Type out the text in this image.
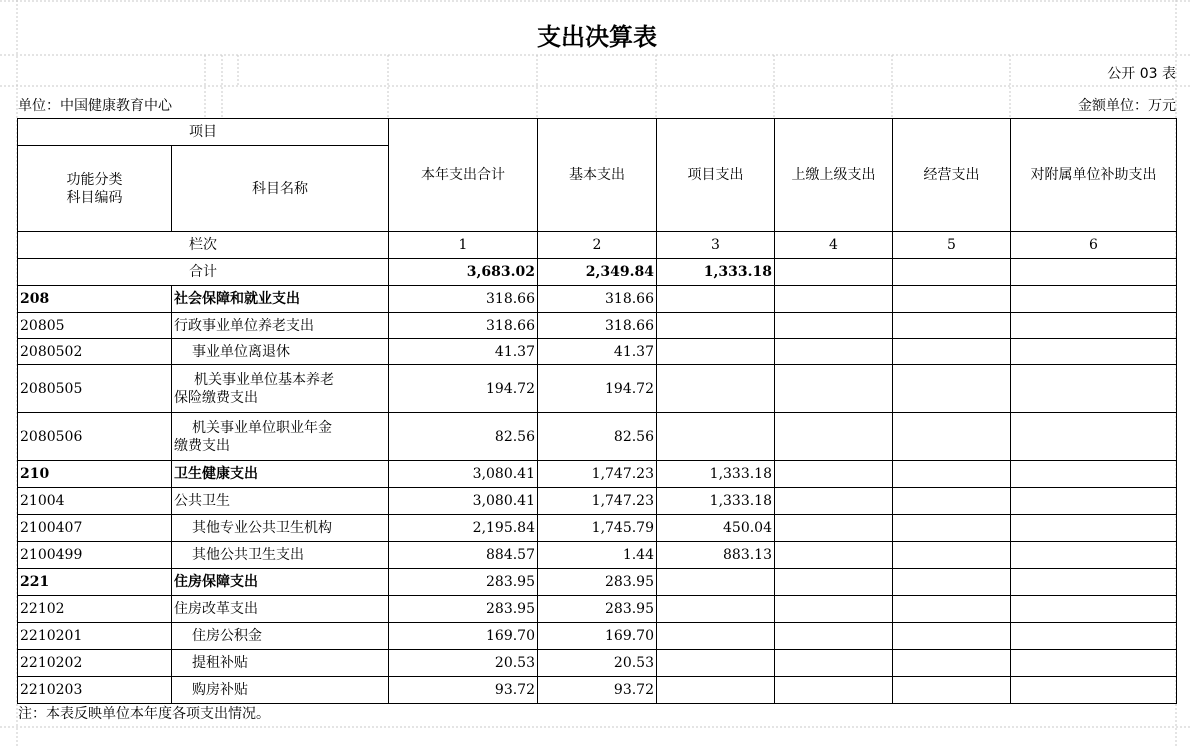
支出决算表
公开 03 表
单位：中国健康教育中心	金额单位：万元
项目		本年支出合计	基本支出	项目支出	上缴上级支出	经营支出	对附属单位补助支出
功能分类
科目编码	科目名称						
栏次		1	2	3	4	5	6
合计		3,683.02	2,349.84	1,333.18			
208	社会保障和就业支出	318.66	318.66				
20805	行政事业单位养老支出	318.66	318.66				
2080502	事业单位离退休	41.37	41.37				
2080505	机关事业单位基本养老
保险缴费支出	194.72	194.72				
2080506	机关事业单位职业年金
缴费支出	82.56	82.56				
210	卫生健康支出	3,080.41	1,747.23	1,333.18			
21004	公共卫生	3,080.41	1,747.23	1,333.18			
2100407	其他专业公共卫生机构	2,195.84	1,745.79	450.04			
2100499	其他公共卫生支出	884.57	1.44	883.13			
221	住房保障支出	283.95	283.95				
22102	住房改革支出	283.95	283.95				
2210201	住房公积金	169.70	169.70				
2210202	提租补贴	20.53	20.53				
2210203	购房补贴	93.72	93.72				
注：本表反映单位本年度各项支出情况。
